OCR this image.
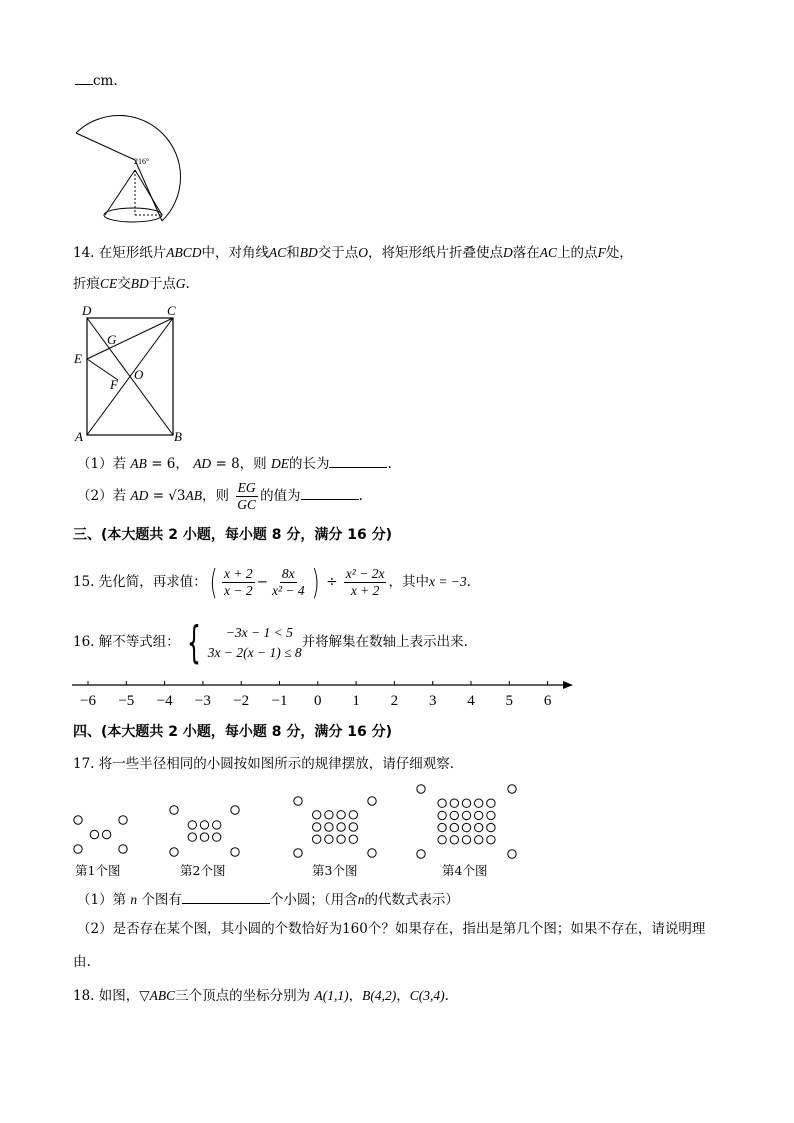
cm.
216°
14. 在矩形纸片ABCD中，对角线AC和BD交于点O，将矩形纸片折叠使点D落在AC上的点F处，
折痕CE交BD于点G.
D	C
G
E
O
F
A	B
（1）若 AB = 6， AD = 8，则 DE的长为	.
（2）若 AD = √3AB，则 $\frac{EG}{GC}$ 的值为	.
三、(本大题共 2 小题，每小题 8 分，满分 16 分)
15. 先化简，再求值：( $\frac{x + 2}{x - 2} - \frac{8x}{\text{x² − 4}}$ ) ÷ $\frac{\text{x² − 2x}}{x + 2}$ ，其中x = −3.
16. 解不等式组： {	−3x − 1 < 5
3x − 2(x − 1) ≤ 8
并将解集在数轴上表示出来.
−6 −5 −4 −3 −2 −1 0 1 2 3 4 5 6
四、(本大题共 2 小题，每小题 8 分，满分 16 分)
17. 将一些半径相同的小圆按如图所示的规律摆放，请仔细观察.
第1个图	第2个图	第3个图	第4个图
（1）第 n 个图有	个小圆；（用含n的代数式表示）
（2）是否存在某个图，其小圆的个数恰好为160个？如果存在，指出是第几个图；如果不存在，请说明理
由.
18. 如图，▽ABC三个顶点的坐标分别为 A(1,1)，B(4,2)，C(3,4).
